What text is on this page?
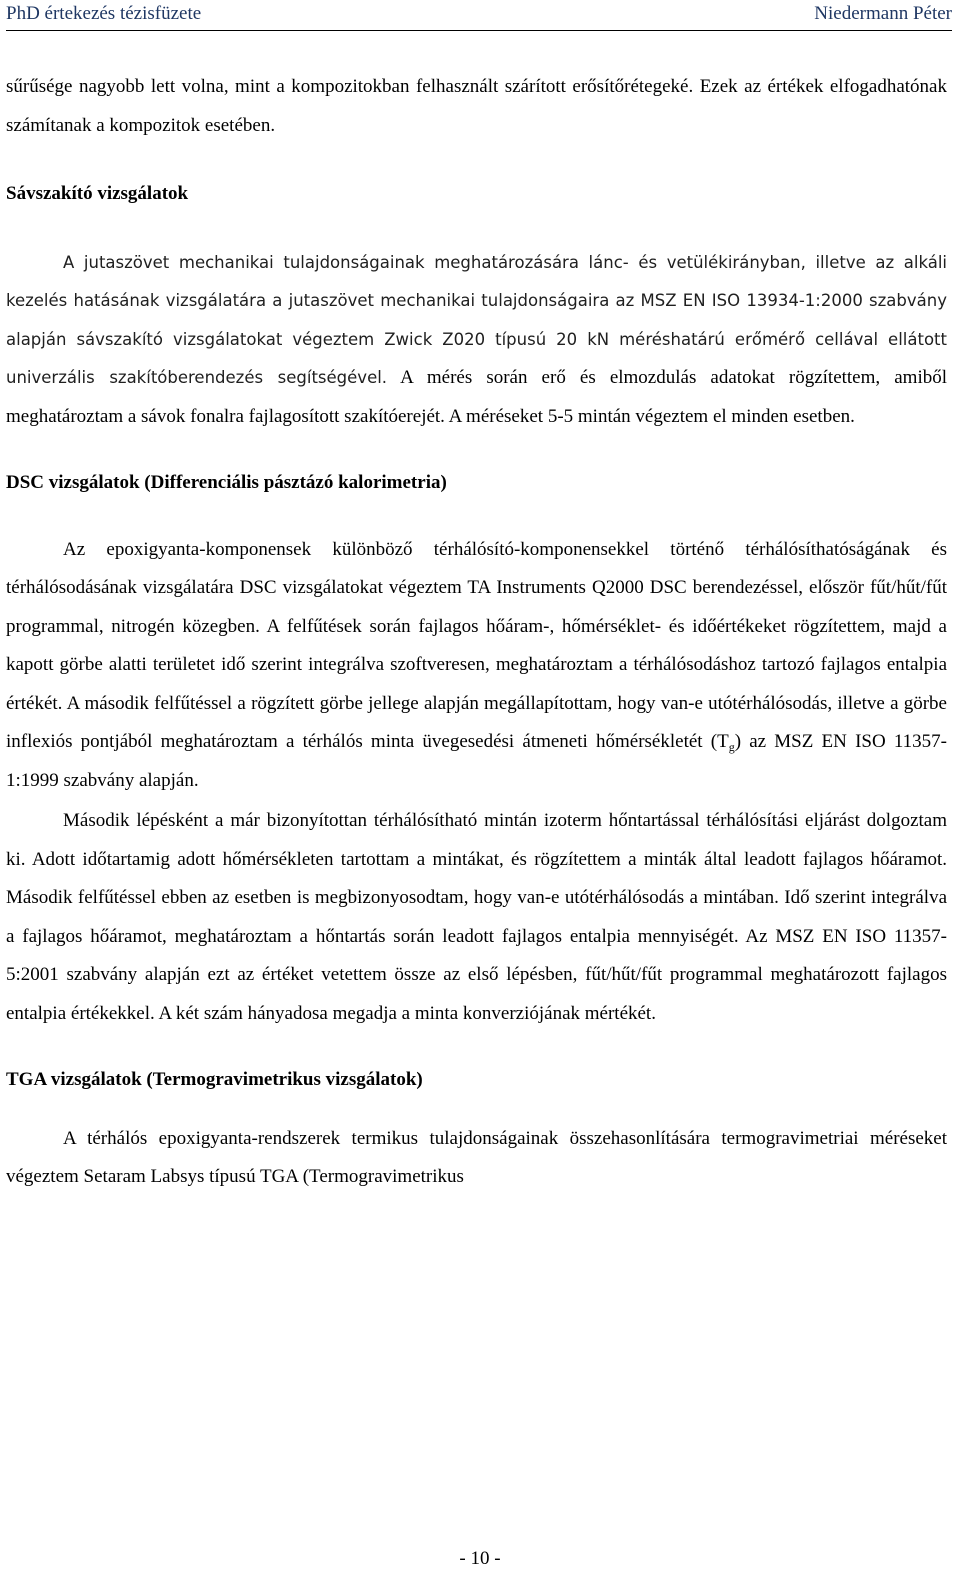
PhD értekezés tézisfüzete	Niedermann Péter

sűrűsége nagyobb lett volna, mint a kompozitokban felhasznált szárított erősítőrétegeké. Ezek az értékek elfogadhatónak számítanak a kompozitok esetében.

Sávszakító vizsgálatok

A jutaszövet mechanikai tulajdonságainak meghatározására lánc- és vetülékirányban, illetve az alkáli kezelés hatásának vizsgálatára a jutaszövet mechanikai tulajdonságaira az MSZ EN ISO 13934-1:2000 szabvány alapján sávszakító vizsgálatokat végeztem Zwick Z020 típusú 20 kN méréshatárú erőmérő cellával ellátott univerzális szakítóberendezés segítségével. A mérés során erő és elmozdulás adatokat rögzítettem, amiből meghatároztam a sávok fonalra fajlagosított szakítóerejét. A méréseket 5-5 mintán végeztem el minden esetben.

DSC vizsgálatok (Differenciális pásztázó kalorimetria)

Az epoxigyanta-komponensek különböző térhálósító-komponensekkel történő térhálósíthatóságának és térhálósodásának vizsgálatára DSC vizsgálatokat végeztem TA Instruments Q2000 DSC berendezéssel, először fűt/hűt/fűt programmal, nitrogén közegben. A felfűtések során fajlagos hőáram-, hőmérséklet- és időértékeket rögzítettem, majd a kapott görbe alatti területet idő szerint integrálva szoftveresen, meghatároztam a térhálósodáshoz tartozó fajlagos entalpia értékét. A második felfűtéssel a rögzített görbe jellege alapján megállapítottam, hogy van-e utótérhálósodás, illetve a görbe inflexiós pontjából meghatároztam a térhálós minta üvegesedési átmeneti hőmérsékletét $(T_g)$ az MSZ EN ISO 11357-1:1999 szabvány alapján.

Második lépésként a már bizonyítottan térhálósítható mintán izoterm hőntartással térhálósítási eljárást dolgoztam ki. Adott időtartamig adott hőmérsékleten tartottam a mintákat, és rögzítettem a minták által leadott fajlagos hőáramot. Második felfűtéssel ebben az esetben is megbizonyosodtam, hogy van-e utótérhálósodás a mintában. Idő szerint integrálva a fajlagos hőáramot, meghatároztam a hőntartás során leadott fajlagos entalpia mennyiségét. Az MSZ EN ISO 11357-5:2001 szabvány alapján ezt az értéket vetettem össze az első lépésben, fűt/hűt/fűt programmal meghatározott fajlagos entalpia értékekkel. A két szám hányadosa megadja a minta konverziójának mértékét.

TGA vizsgálatok (Termogravimetrikus vizsgálatok)

A térhálós epoxigyanta-rendszerek termikus tulajdonságainak összehasonlítására termogravimetriai méréseket végeztem Setaram Labsys típusú TGA (Termogravimetrikus

- 10 -
